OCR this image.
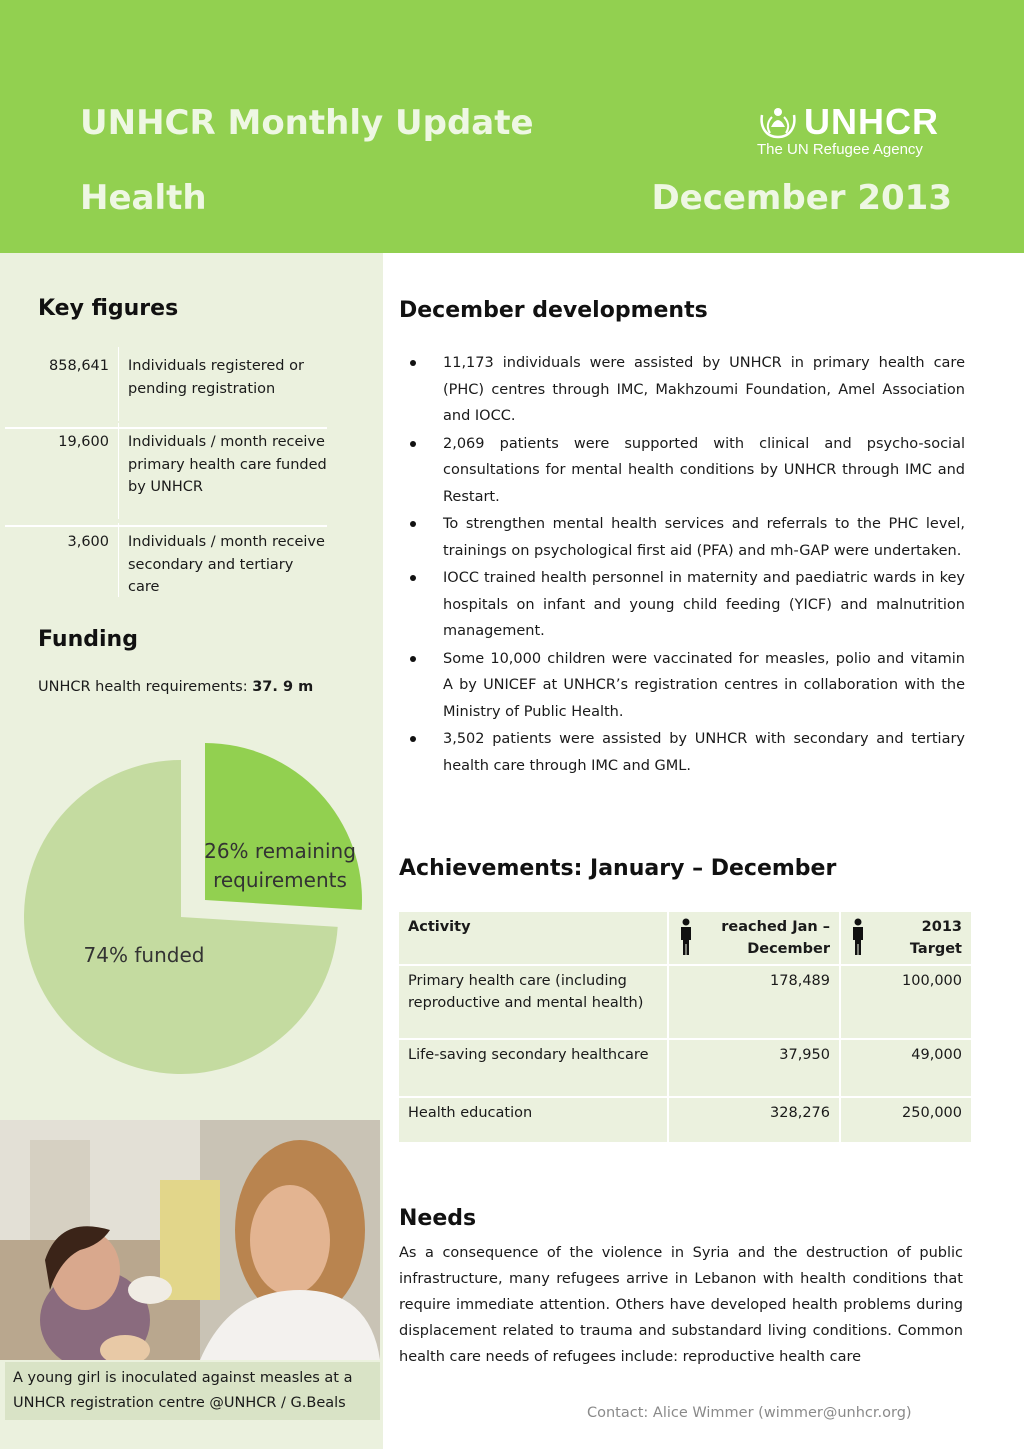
UNHCR Monthly Update
Health	December 2013
UNHCR
The UN Refugee Agency
Key figures
858,641 Individuals registered or pending registration
19,600 Individuals / month receive primary health care funded by UNHCR
3,600 Individuals / month receive secondary and tertiary care
Funding
UNHCR health requirements: 37. 9 m
26% remaining requirements
74% funded
A young girl is inoculated against measles at a UNHCR registration centre @UNHCR / G.Beals
December developments
11,173 individuals were assisted by UNHCR in primary health care (PHC) centres through IMC, Makhzoumi Foundation, Amel Association and IOCC.
2,069 patients were supported with clinical and psycho-social consultations for mental health conditions by UNHCR through IMC and Restart.
To strengthen mental health services and referrals to the PHC level, trainings on psychological first aid (PFA) and mh-GAP were undertaken.
IOCC trained health personnel in maternity and paediatric wards in key hospitals on infant and young child feeding (YICF) and malnutrition management.
Some 10,000 children were vaccinated for measles, polio and vitamin A by UNICEF at UNHCR’s registration centres in collaboration with the Ministry of Public Health.
3,502 patients were assisted by UNHCR with secondary and tertiary health care through IMC and GML.
Achievements: January – December
Activity	reached Jan – December	2013 Target
Primary health care (including reproductive and mental health)	178,489	100,000
Life-saving secondary healthcare	37,950	49,000
Health education	328,276	250,000
Needs
As a consequence of the violence in Syria and the destruction of public infrastructure, many refugees arrive in Lebanon with health conditions that require immediate attention. Others have developed health problems during displacement related to trauma and substandard living conditions. Common health care needs of refugees include: reproductive health care
Contact: Alice Wimmer (wimmer@unhcr.org)
